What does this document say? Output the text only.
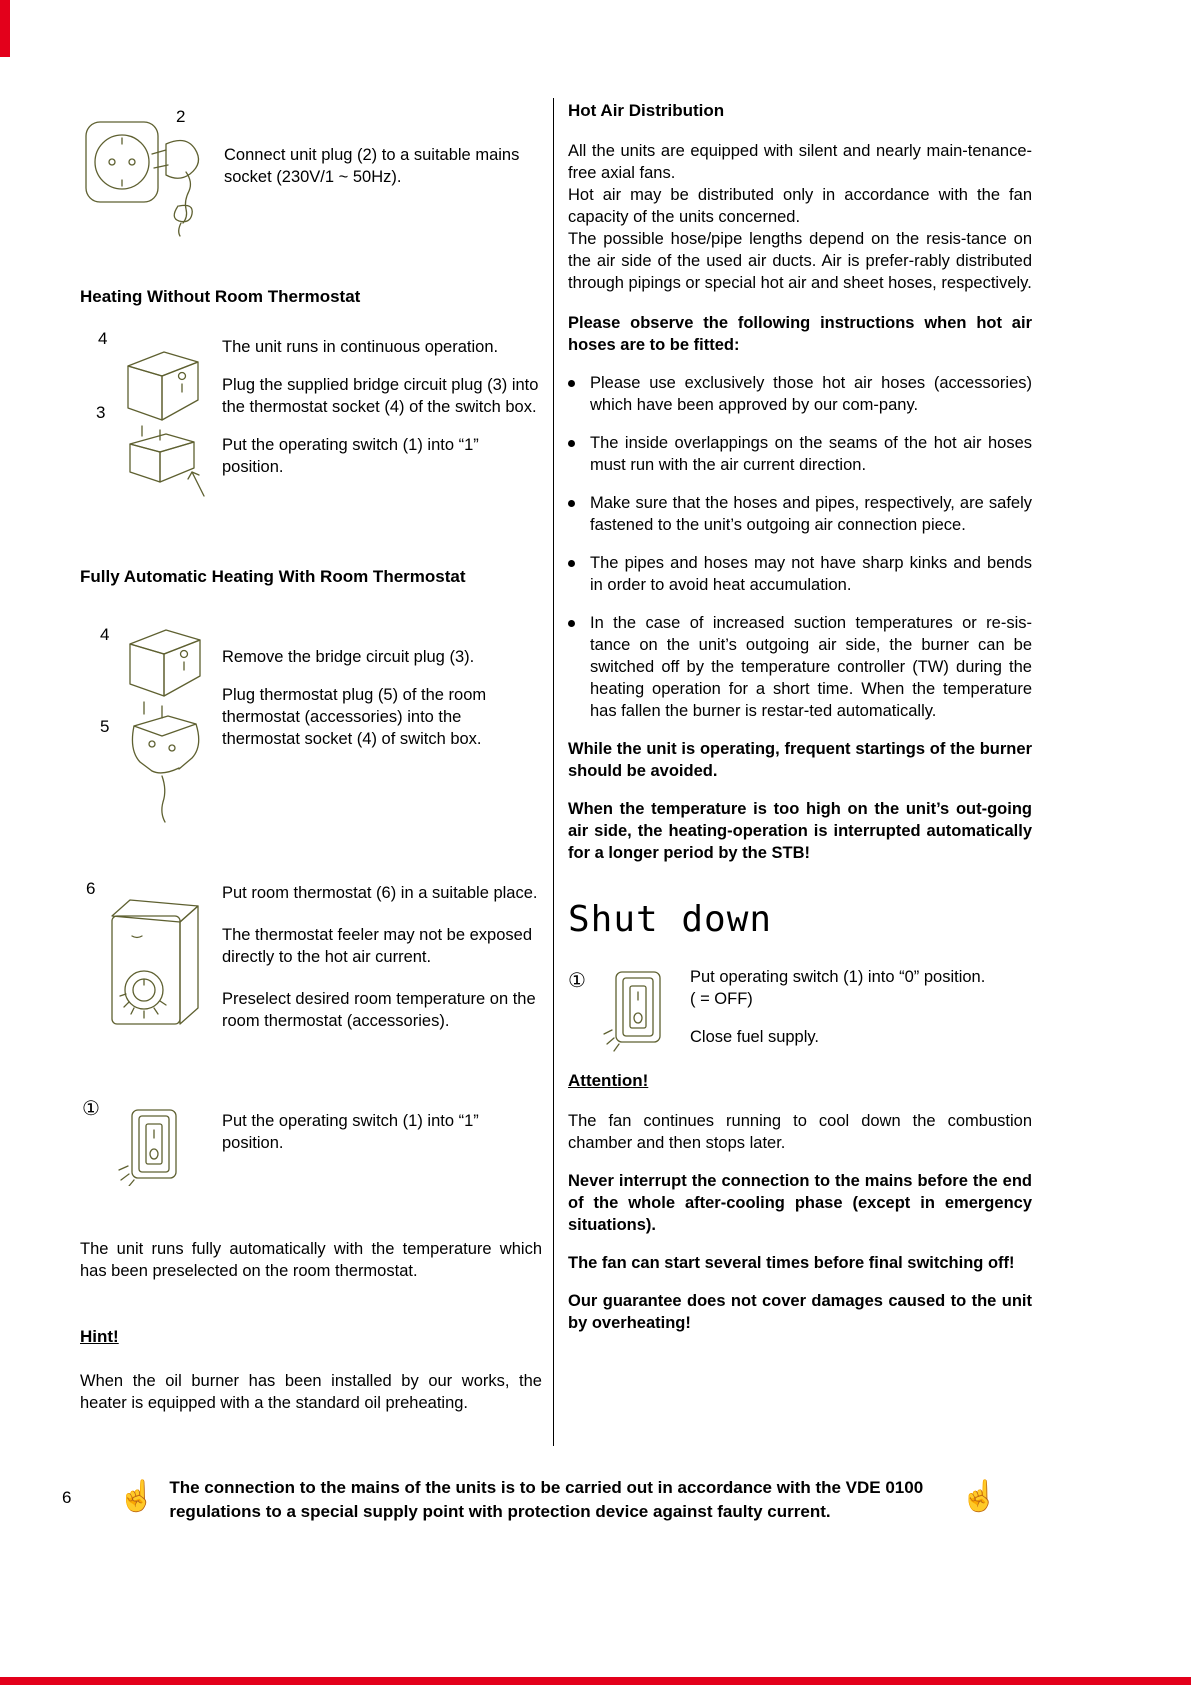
2

Connect unit plug (2) to a suitable mains socket (230V/1 ~ 50Hz).

Heating Without Room Thermostat
4
3

The unit runs in continuous operation.

Plug the supplied bridge circuit plug (3) into the thermostat socket (4) of the switch box.

Put the operating switch (1) into “1” position.

Fully Automatic Heating With Room Thermostat
4
5

Remove the bridge circuit plug (3).

Plug thermostat plug (5) of the room thermostat (accessories) into the thermostat socket (4) of switch box.

6	Put room thermostat (6) in a suitable place.

The thermostat feeler may not be exposed directly to the hot air current.

Preselect desired room temperature on the room thermostat (accessories).

①

Put the operating switch (1) into “1” position.

The unit runs fully automatically with the temperature which has been preselected on the room thermostat.

Hint!

When the oil burner has been installed by our works, the heater is equipped with a the standard oil preheating.

Hot Air Distribution

All the units are equipped with silent and nearly main-tenance-free axial fans.

Hot air may be distributed only in accordance with the fan capacity of the units concerned.

The possible hose/pipe lengths depend on the resis-tance on the air side of the used air ducts. Air is prefer-rably distributed through pipings or special hot air and sheet hoses, respectively.

Please observe the following instructions when hot air hoses are to be fitted:

Please use exclusively those hot air hoses (accessories) which have been approved by our com-pany.

The inside overlappings on the seams of the hot air hoses must run with the air current direction.

Make sure that the hoses and pipes, respectively, are safely fastened to the unit’s outgoing air connection piece.

The pipes and hoses may not have sharp kinks and bends in order to avoid heat accumulation.

In the case of increased suction temperatures or re-sis-tance on the unit’s outgoing air side, the burner can be switched off by the temperature controller (TW) during the heating operation for a short time. When the temperature has fallen the burner is restar-ted automatically.

While the unit is operating, frequent startings of the burner should be avoided.

When the temperature is too high on the unit’s out-going air side, the heating-operation is interrupted automatically for a longer period by the STB!

Shut down
①	Put operating switch (1) into “0” position.

( = OFF)

Close fuel supply.

Attention!

The fan continues running to cool down the combustion chamber and then stops later.

Never interrupt the connection to the mains before the end of the whole after-cooling phase (except in emergency situations).

The fan can start several times before final switching off!

Our guarantee does not cover damages caused to the unit by overheating!

☝ The connection to the mains of the units is to be carried out in accordance with the VDE 0100 regulations to a special supply point with protection device against faulty current.	☝
6
